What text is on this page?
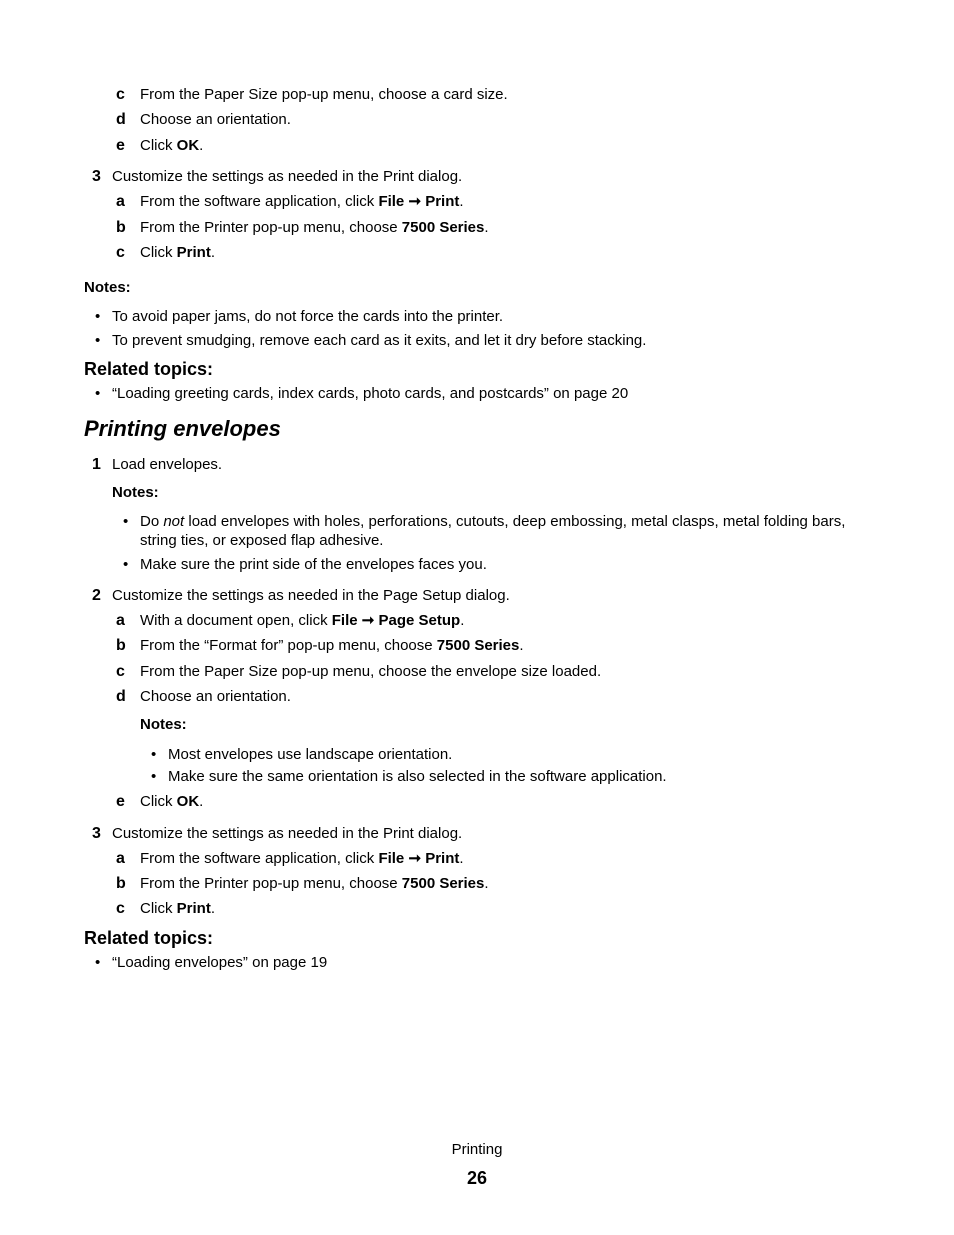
c From the Paper Size pop-up menu, choose a card size.
d Choose an orientation.
e Click OK.
3 Customize the settings as needed in the Print dialog.
a From the software application, click File ➞ Print.
b From the Printer pop-up menu, choose 7500 Series.
c Click Print.
Notes:
• To avoid paper jams, do not force the cards into the printer.
• To prevent smudging, remove each card as it exits, and let it dry before stacking.
Related topics:
• “Loading greeting cards, index cards, photo cards, and postcards” on page 20
Printing envelopes
1 Load envelopes.
Notes:
• Do not load envelopes with holes, perforations, cutouts, deep embossing, metal clasps, metal folding bars,
string ties, or exposed flap adhesive.
• Make sure the print side of the envelopes faces you.
2 Customize the settings as needed in the Page Setup dialog.
a With a document open, click File ➞ Page Setup.
b From the “Format for” pop-up menu, choose 7500 Series.
c From the Paper Size pop-up menu, choose the envelope size loaded.
d Choose an orientation.
Notes:
• Most envelopes use landscape orientation.
• Make sure the same orientation is also selected in the software application.
e Click OK.
3 Customize the settings as needed in the Print dialog.
a From the software application, click File ➞ Print.
b From the Printer pop-up menu, choose 7500 Series.
c Click Print.
Related topics:
• “Loading envelopes” on page 19
Printing
26
